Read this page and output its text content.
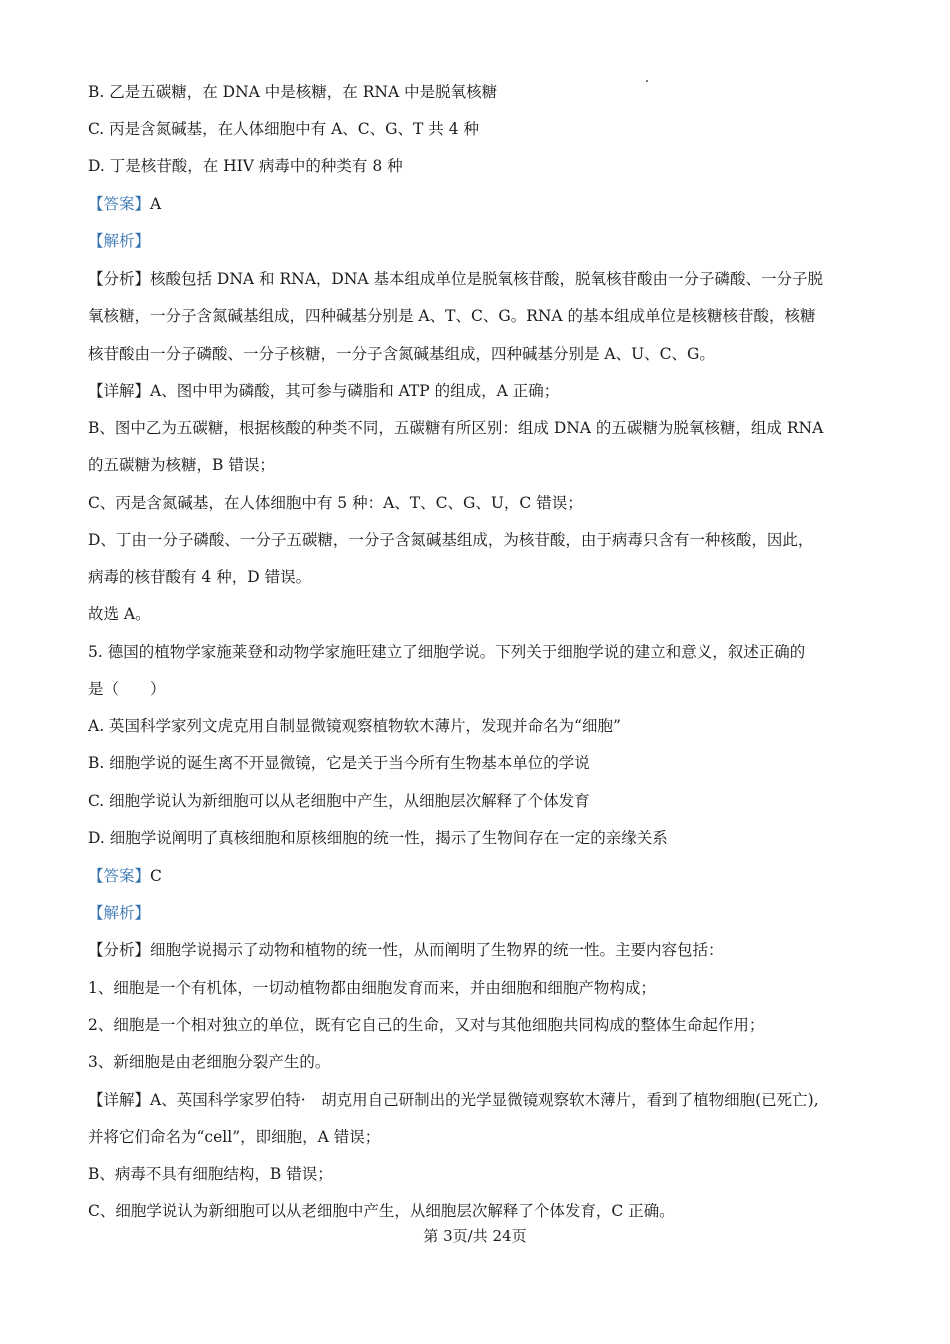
B. 乙是五碳糖，在 DNA 中是核糖，在 RNA 中是脱氧核糖
C. 丙是含氮碱基，在人体细胞中有 A、C、G、T 共 4 种
D. 丁是核苷酸，在 HIV 病毒中的种类有 8 种
【答案】A
【解析】
【分析】核酸包括 DNA 和 RNA，DNA 基本组成单位是脱氧核苷酸，脱氧核苷酸由一分子磷酸、一分子脱
氧核糖，一分子含氮碱基组成，四种碱基分别是 A、T、C、G。RNA 的基本组成单位是核糖核苷酸，核糖
核苷酸由一分子磷酸、一分子核糖，一分子含氮碱基组成，四种碱基分别是 A、U、C、G。
【详解】A、图中甲为磷酸，其可参与磷脂和 ATP 的组成，A 正确；
B、图中乙为五碳糖，根据核酸的种类不同，五碳糖有所区别：组成 DNA 的五碳糖为脱氧核糖，组成 RNA
的五碳糖为核糖，B 错误；
C、丙是含氮碱基，在人体细胞中有 5 种：A、T、C、G、U，C 错误；
D、丁由一分子磷酸、一分子五碳糖，一分子含氮碱基组成，为核苷酸，由于病毒只含有一种核酸，因此，
病毒的核苷酸有 4 种，D 错误。
故选 A。
5. 德国的植物学家施莱登和动物学家施旺建立了细胞学说。下列关于细胞学说的建立和意义，叙述正确的
是（　　）
A. 英国科学家列文虎克用自制显微镜观察植物软木薄片，发现并命名为“细胞”
B. 细胞学说的诞生离不开显微镜，它是关于当今所有生物基本单位的学说
C. 细胞学说认为新细胞可以从老细胞中产生，从细胞层次解释了个体发育
D. 细胞学说阐明了真核细胞和原核细胞的统一性，揭示了生物间存在一定的亲缘关系
【答案】C
【解析】
【分析】细胞学说揭示了动物和植物的统一性，从而阐明了生物界的统一性。主要内容包括：
1、细胞是一个有机体，一切动植物都由细胞发育而来，并由细胞和细胞产物构成；
2、细胞是一个相对独立的单位，既有它自己的生命，又对与其他细胞共同构成的整体生命起作用；
3、新细胞是由老细胞分裂产生的。
【详解】A、英国科学家罗伯特·　胡克用自己研制出的光学显微镜观察软木薄片，看到了植物细胞(已死亡),
并将它们命名为“cell”，即细胞，A 错误；
B、病毒不具有细胞结构，B 错误；
C、细胞学说认为新细胞可以从老细胞中产生，从细胞层次解释了个体发育，C 正确。
第 3页/共 24页
